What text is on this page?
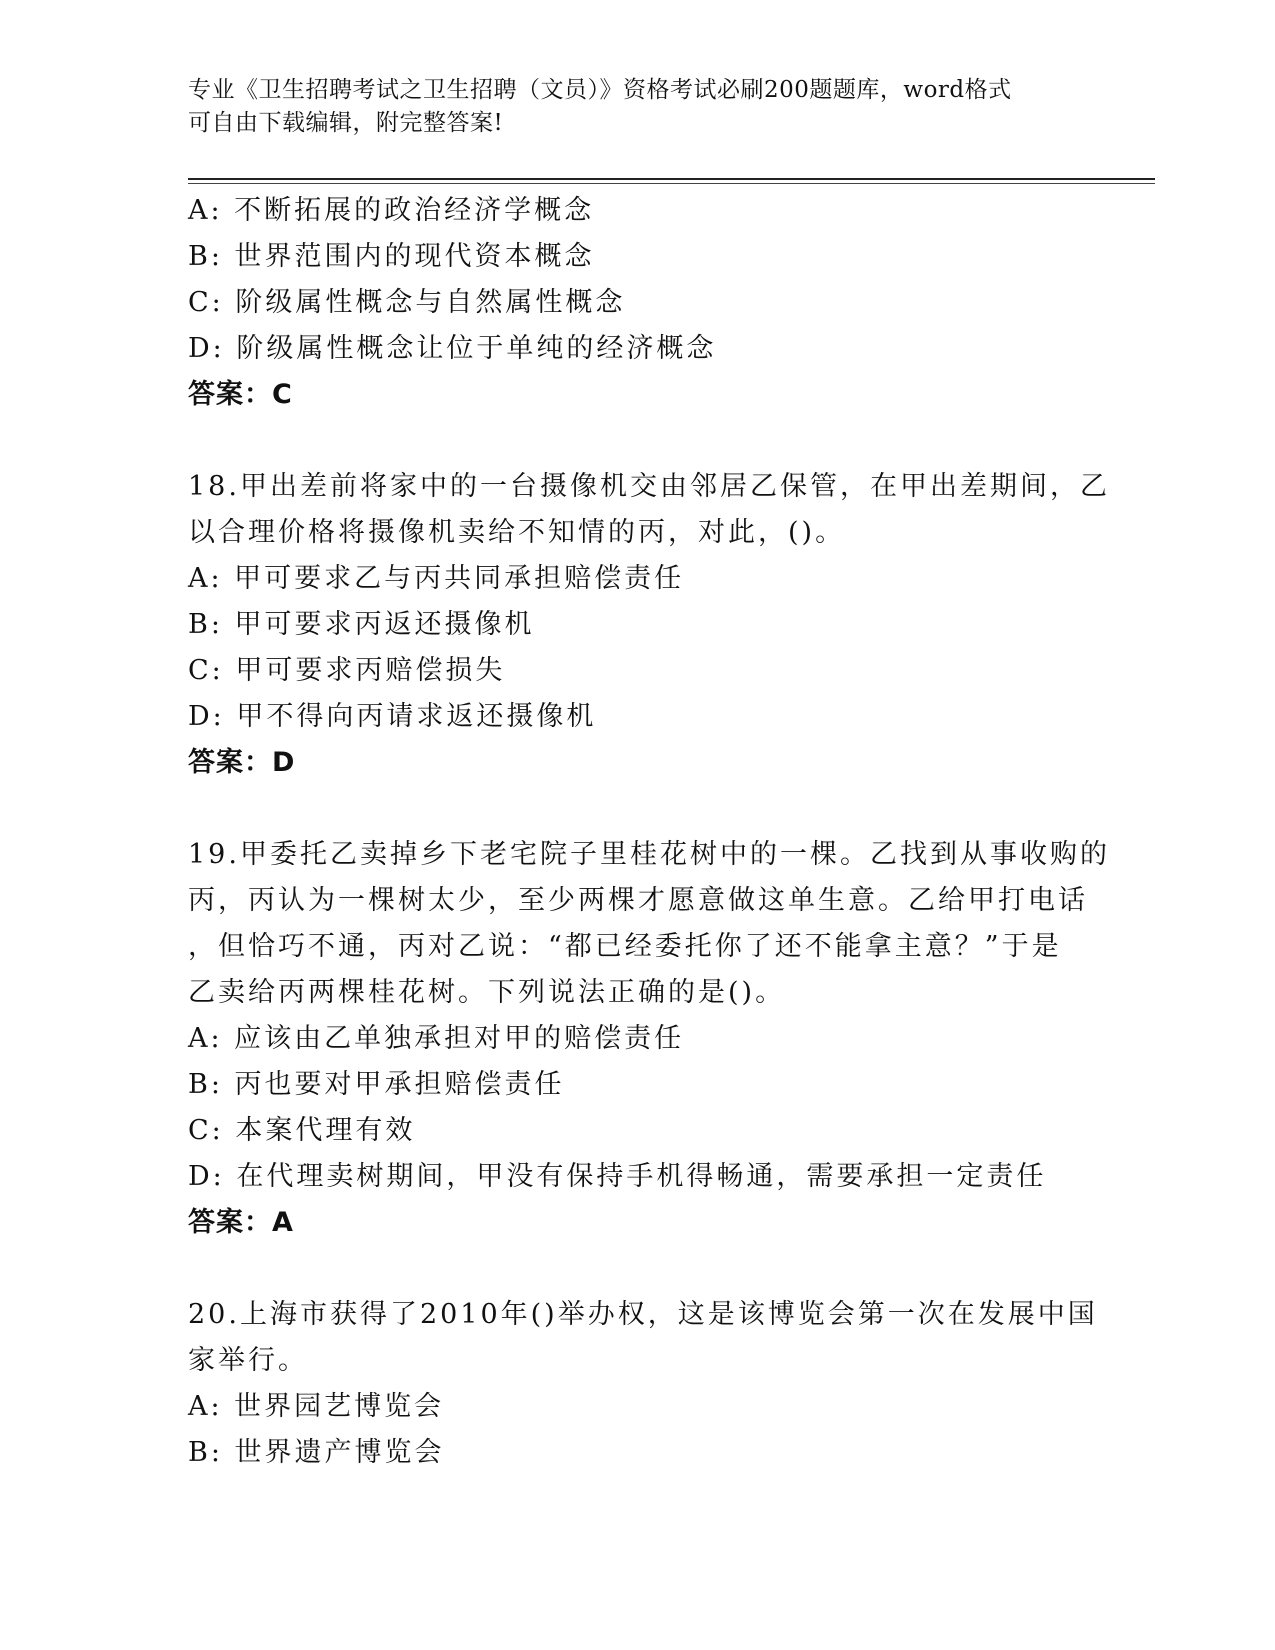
专业《卫生招聘考试之卫生招聘（文员）》资格考试必刷200题题库，word格式
可自由下载编辑，附完整答案!
A: 不断拓展的政治经济学概念
B: 世界范围内的现代资本概念
C: 阶级属性概念与自然属性概念
D: 阶级属性概念让位于单纯的经济概念
答案：C
18.甲出差前将家中的一台摄像机交由邻居乙保管，在甲出差期间，乙
以合理价格将摄像机卖给不知情的丙，对此，()。
A: 甲可要求乙与丙共同承担赔偿责任
B: 甲可要求丙返还摄像机
C: 甲可要求丙赔偿损失
D: 甲不得向丙请求返还摄像机
答案：D
19.甲委托乙卖掉乡下老宅院子里桂花树中的一棵。乙找到从事收购的
丙，丙认为一棵树太少，至少两棵才愿意做这单生意。乙给甲打电话
，但恰巧不通，丙对乙说：“都已经委托你了还不能拿主意？”于是
乙卖给丙两棵桂花树。下列说法正确的是()。
A: 应该由乙单独承担对甲的赔偿责任
B: 丙也要对甲承担赔偿责任
C: 本案代理有效
D: 在代理卖树期间，甲没有保持手机得畅通，需要承担一定责任
答案：A
20.上海市获得了2010年()举办权，这是该博览会第一次在发展中国
家举行。
A: 世界园艺博览会
B: 世界遗产博览会
